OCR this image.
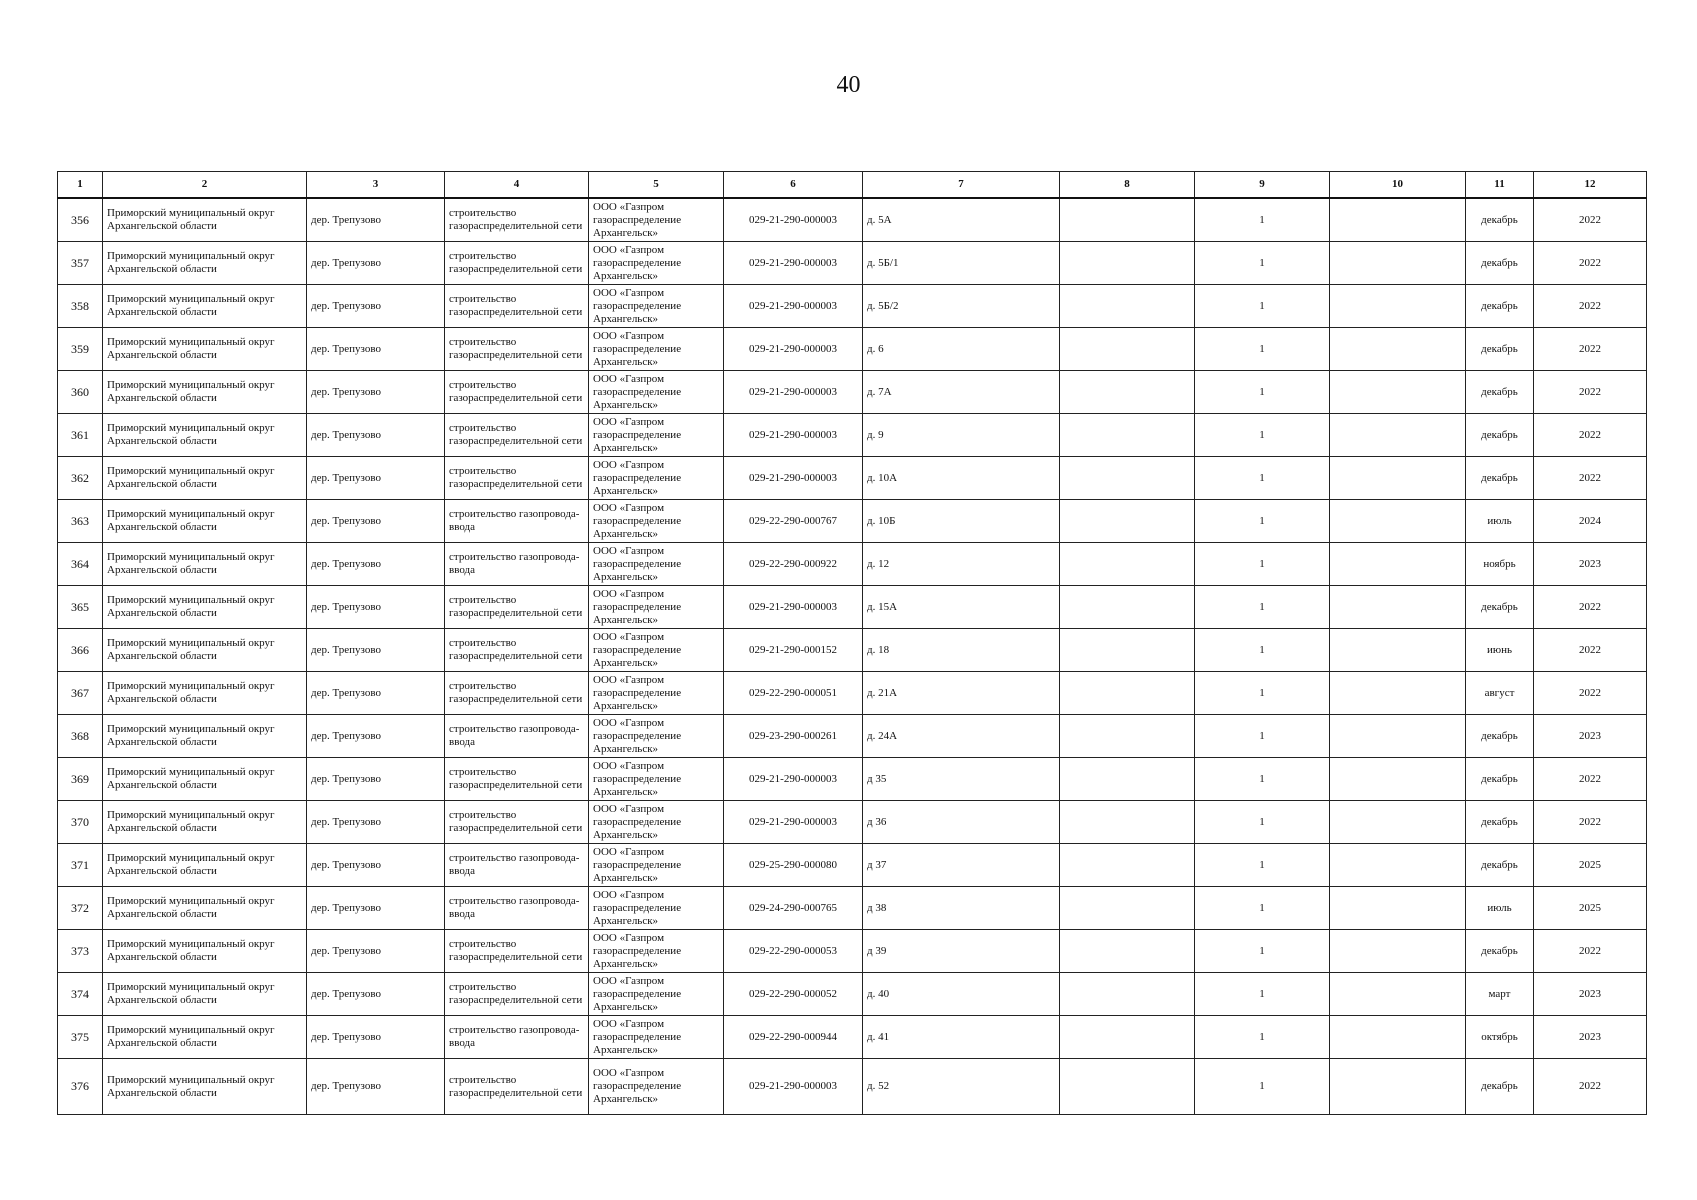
40
1	2	3	4	5	6	7	8	9	10	11	12
356	Приморский муниципальный округ Архангельской области	дер. Трепузово	строительство газораспределительной сети	ООО «Газпром газораспределение Архангельск»	029-21-290-000003	д. 5А		1		декабрь	2022
357	Приморский муниципальный округ Архангельской области	дер. Трепузово	строительство газораспределительной сети	ООО «Газпром газораспределение Архангельск»	029-21-290-000003	д. 5Б/1		1		декабрь	2022
358	Приморский муниципальный округ Архангельской области	дер. Трепузово	строительство газораспределительной сети	ООО «Газпром газораспределение Архангельск»	029-21-290-000003	д. 5Б/2		1		декабрь	2022
359	Приморский муниципальный округ Архангельской области	дер. Трепузово	строительство газораспределительной сети	ООО «Газпром газораспределение Архангельск»	029-21-290-000003	д. 6		1		декабрь	2022
360	Приморский муниципальный округ Архангельской области	дер. Трепузово	строительство газораспределительной сети	ООО «Газпром газораспределение Архангельск»	029-21-290-000003	д. 7А		1		декабрь	2022
361	Приморский муниципальный округ Архангельской области	дер. Трепузово	строительство газораспределительной сети	ООО «Газпром газораспределение Архангельск»	029-21-290-000003	д. 9		1		декабрь	2022
362	Приморский муниципальный округ Архангельской области	дер. Трепузово	строительство газораспределительной сети	ООО «Газпром газораспределение Архангельск»	029-21-290-000003	д. 10А		1		декабрь	2022
363	Приморский муниципальный округ Архангельской области	дер. Трепузово	строительство газопровода-ввода	ООО «Газпром газораспределение Архангельск»	029-22-290-000767	д. 10Б		1		июль	2024
364	Приморский муниципальный округ Архангельской области	дер. Трепузово	строительство газопровода-ввода	ООО «Газпром газораспределение Архангельск»	029-22-290-000922	д. 12		1		ноябрь	2023
365	Приморский муниципальный округ Архангельской области	дер. Трепузово	строительство газораспределительной сети	ООО «Газпром газораспределение Архангельск»	029-21-290-000003	д. 15А		1		декабрь	2022
366	Приморский муниципальный округ Архангельской области	дер. Трепузово	строительство газораспределительной сети	ООО «Газпром газораспределение Архангельск»	029-21-290-000152	д. 18		1		июнь	2022
367	Приморский муниципальный округ Архангельской области	дер. Трепузово	строительство газораспределительной сети	ООО «Газпром газораспределение Архангельск»	029-22-290-000051	д. 21А		1		август	2022
368	Приморский муниципальный округ Архангельской области	дер. Трепузово	строительство газопровода-ввода	ООО «Газпром газораспределение Архангельск»	029-23-290-000261	д. 24А		1		декабрь	2023
369	Приморский муниципальный округ Архангельской области	дер. Трепузово	строительство газораспределительной сети	ООО «Газпром газораспределение Архангельск»	029-21-290-000003	д 35		1		декабрь	2022
370	Приморский муниципальный округ Архангельской области	дер. Трепузово	строительство газораспределительной сети	ООО «Газпром газораспределение Архангельск»	029-21-290-000003	д 36		1		декабрь	2022
371	Приморский муниципальный округ Архангельской области	дер. Трепузово	строительство газопровода-ввода	ООО «Газпром газораспределение Архангельск»	029-25-290-000080	д 37		1		декабрь	2025
372	Приморский муниципальный округ Архангельской области	дер. Трепузово	строительство газопровода-ввода	ООО «Газпром газораспределение Архангельск»	029-24-290-000765	д 38		1		июль	2025
373	Приморский муниципальный округ Архангельской области	дер. Трепузово	строительство газораспределительной сети	ООО «Газпром газораспределение Архангельск»	029-22-290-000053	д 39		1		декабрь	2022
374	Приморский муниципальный округ Архангельской области	дер. Трепузово	строительство газораспределительной сети	ООО «Газпром газораспределение Архангельск»	029-22-290-000052	д. 40		1		март	2023
375	Приморский муниципальный округ Архангельской области	дер. Трепузово	строительство газопровода-ввода	ООО «Газпром газораспределение Архангельск»	029-22-290-000944	д. 41		1		октябрь	2023
376	Приморский муниципальный округ Архангельской области	дер. Трепузово	строительство газораспределительной сети	ООО «Газпром газораспределение Архангельск»	029-21-290-000003	д. 52		1		декабрь	2022
